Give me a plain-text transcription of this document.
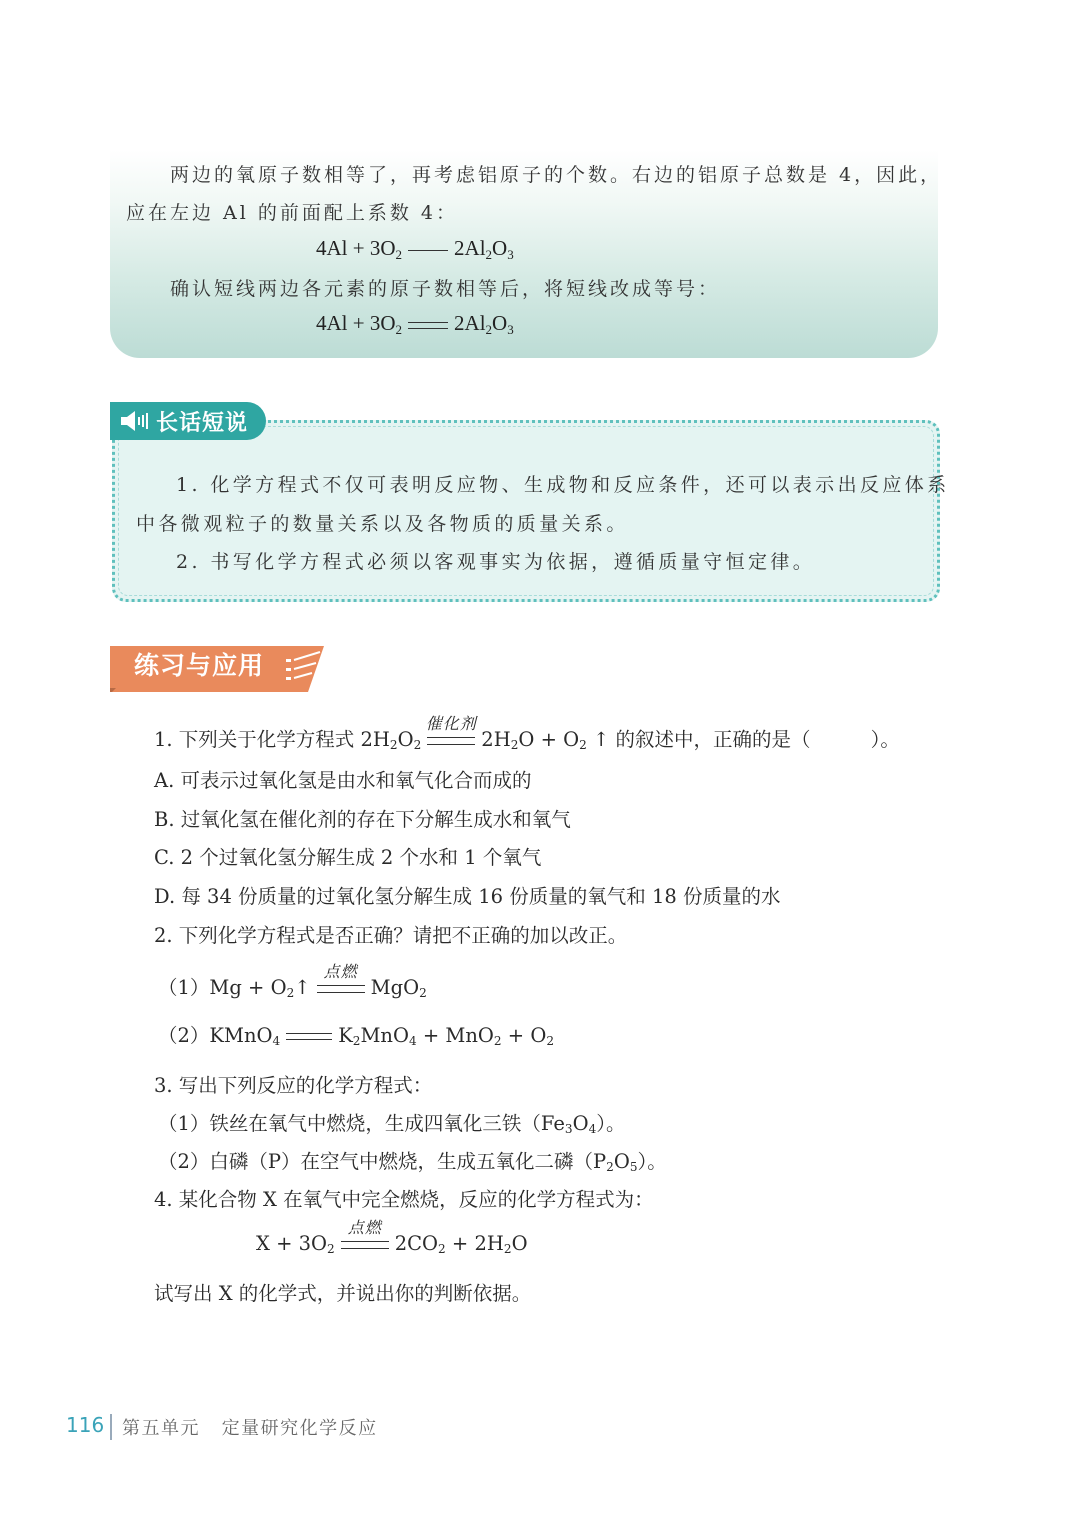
两边的氧原子数相等了，再考虑铝原子的个数。右边的铝原子总数是 4，因此，
应在左边 Al 的前面配上系数 4：
4Al + 3O2 2Al2O3
确认短线两边各元素的原子数相等后，将短线改成等号：
4Al + 3O2 2Al2O3
长话短说
1. 化学方程式不仅可表明反应物、生成物和反应条件，还可以表示出反应体系
中各微观粒子的数量关系以及各物质的质量关系。
2. 书写化学方程式必须以客观事实为依据，遵循质量守恒定律。
练习与应用
1. 下列关于化学方程式 2H2O2
催化剂
2H2O + O2 ↑ 的叙述中，正确的是（	）。
A. 可表示过氧化氢是由水和氧气化合而成的
B. 过氧化氢在催化剂的存在下分解生成水和氧气
C. 2 个过氧化氢分解生成 2 个水和 1 个氧气
D. 每 34 份质量的过氧化氢分解生成 16 份质量的氧气和 18 份质量的水
2. 下列化学方程式是否正确？请把不正确的加以改正。
（1）Mg + O2↑
点燃
MgO2
（2）KMnO4	K2MnO4 + MnO2 + O2
3. 写出下列反应的化学方程式：
（1）铁丝在氧气中燃烧，生成四氧化三铁（Fe3O4）。
（2）白磷（P）在空气中燃烧，生成五氧化二磷（P2O5）。
4. 某化合物 X 在氧气中完全燃烧，反应的化学方程式为：
X + 3O2
点燃
2CO2 + 2H2O
试写出 X 的化学式，并说出你的判断依据。
116 第五单元   定量研究化学反应
